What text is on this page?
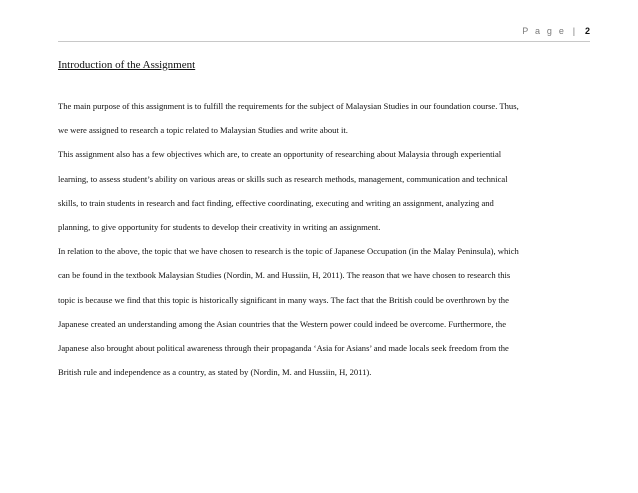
P a g e | 2
Introduction of the Assignment
The main purpose of this assignment is to fulfill the requirements for the subject of Malaysian Studies in our foundation course. Thus,
we were assigned to research a topic related to Malaysian Studies and write about it.
This assignment also has a few objectives which are, to create an opportunity of researching about Malaysia through experiential
learning, to assess student’s ability on various areas or skills such as research methods, management, communication and technical
skills, to train students in research and fact finding, effective coordinating, executing and writing an assignment, analyzing and
planning, to give opportunity for students to develop their creativity in writing an assignment.
In relation to the above, the topic that we have chosen to research is the topic of Japanese Occupation (in the Malay Peninsula), which
can be found in the textbook Malaysian Studies (Nordin, M. and Hussiin, H, 2011). The reason that we have chosen to research this
topic is because we find that this topic is historically significant in many ways. The fact that the British could be overthrown by the
Japanese created an understanding among the Asian countries that the Western power could indeed be overcome. Furthermore, the
Japanese also brought about political awareness through their propaganda ‘Asia for Asians’ and made locals seek freedom from the
British rule and independence as a country, as stated by (Nordin, M. and Hussiin, H, 2011).
